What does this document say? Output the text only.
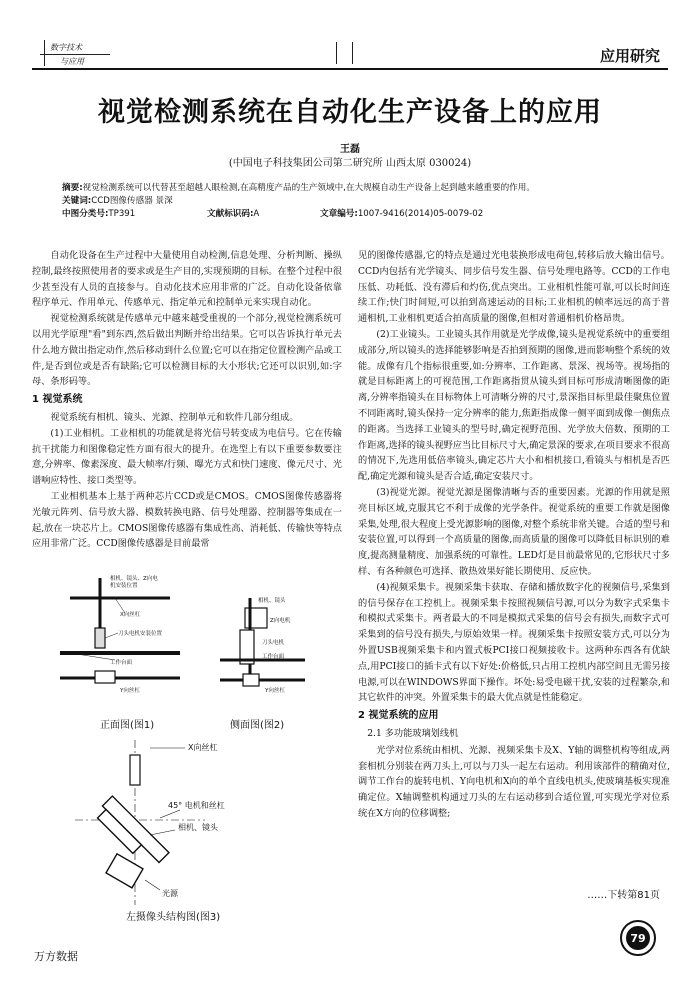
数字技术
与应用	应用研究
视觉检测系统在自动化生产设备上的应用
王磊
(中国电子科技集团公司第二研究所 山西太原 030024)
摘要:视觉检测系统可以代替甚至超越人眼检测,在高精度产品的生产领域中,在大规模自动生产设备上起到越来越重要的作用。
关键词:CCD图像传感器 景深
中图分类号:TP391	文献标识码:A	文章编号:1007-9416(2014)05-0079-02

自动化设备在生产过程中大量使用自动检测,信息处理、分析判断、操纵控制,最终按照使用者的要求或是生产目的,实现预期的目标。在整个过程中很少甚至没有人员的直接参与。自动化技术应用非常的广泛。自动化设备依靠程序单元、作用单元、传感单元、指定单元和控制单元来实现自动化。

视觉检测系统就是传感单元中越来越受重视的一个部分,视觉检测系统可以用光学原理"看"到东西,然后做出判断并给出结果。它可以告诉执行单元去什么地方做出指定动作,然后移动到什么位置;它可以在指定位置检测产品或工件,是否到位或是否有缺陷;它可以检测目标的大小形状;它还可以识别,如:字母、条形码等。

1 视觉系统

视觉系统有相机、镜头、光源、控制单元和软件几部分组成。

(1)工业相机。工业相机的功能就是将光信号转变成为电信号。它在传输抗干扰能力和图像稳定性方面有很大的提升。在选型上有以下重要参数要注意,分辨率、像素深度、最大帧率/行频、曝光方式和快门速度、像元尺寸、光谱响应特性、接口类型等。

工业相机基本上基于两种芯片CCD或是CMOS。CMOS图像传感器将光敏元阵列、信号放大器、模数转换电路、信号处理器、控制器等集成在一起,放在一块芯片上。CMOS图像传感器有集成性高、消耗低、传输快等特点应用非常广泛。CCD图像传感器是目前最常

相机、镜头、Z向电
机安装位置
X向丝杠
刀头电机安装位置
工作台面
Y向丝杠
相机、镜头
Z向电机
刀头电机
工作台面
Y向丝杠
正面图(图1)	侧面图(图2)
X向丝杠
45° 电机和丝杠
相机、镜头
光源
左摄像头结构图(图3)

见的图像传感器,它的特点是通过光电装换形成电荷包,转移后放大输出信号。CCD内包括有光学镜头、同步信号发生器、信号处理电路等。CCD的工作电压低、功耗低、没有滞后和灼伤,优点突出。工业相机性能可靠,可以长时间连续工作;快门时间短,可以拍到高速运动的目标;工业相机的帧率远远的高于普通相机,工业相机更适合拍高质量的图像,但相对普通相机价格昂贵。

(2)工业镜头。工业镜头其作用就是光学成像,镜头是视觉系统中的重要组成部分,所以镜头的选择能够影响是否拍到预期的图像,进而影响整个系统的效能。成像有几个指标很重要,如:分辨率、工作距离、景深、视场等。视场指的就是目标距离上的可视范围,工作距离指贯从镜头到目标可形成清晰图像的距离,分辨率指镜头在目标物体上可清晰分辨的尺寸,景深指目标里最佳聚焦位置不同距离时,镜头保持一定分辨率的能力,焦距指成像一侧平面到成像一侧焦点的距离。当选择工业镜头的型号时,确定视野范围、光学放大倍数、预期的工作距离,选择的镜头视野应当比目标尺寸大,确定景深的要求,在项目要求不很高的情况下,先选用低倍率镜头,确定芯片大小和相机接口,看镜头与相机是否匹配,确定光源和镜头是否合适,确定安装尺寸。

(3)视觉光源。视觉光源是图像清晰与否的重要因素。光源的作用就是照亮目标区域,克服其它不利于成像的光学条件。视觉系统的重要工作就是图像采集,处理,很大程度上受光源影响的图像,对整个系统非常关键。合适的型号和安装位置,可以得到一个高质量的图像,而高质量的图像可以降低目标识别的难度,提高测量精度、加强系统的可靠性。LED灯是目前最常见的,它形状尺寸多样、有各种颜色可选择、散热效果好能长期使用、反应快。

(4)视频采集卡。视频采集卡获取、存储和播放数字化的视频信号,采集到的信号保存在工控机上。视频采集卡按照视频信号源,可以分为数字式采集卡和模拟式采集卡。两者最大的不同是模拟式采集的信号会有损失,而数字式可采集到的信号没有损失,与原始效果一样。视频采集卡按照安装方式,可以分为外置USB视频采集卡和内置式板PCI接口视频接收卡。这两种东西各有优缺点,用PCI接口的插卡式有以下好处:价格低,只占用工控机内部空间且无需另接电源,可以在WINDOWS界面下操作。坏处:易受电磁干扰,安装的过程繁杂,和其它软件的冲突。外置采集卡的最大优点就是性能稳定。

2 视觉系统的应用
2.1 多功能玻璃划线机

光学对位系统由相机、光源、视频采集卡及X、Y轴的调整机构等组成,两套相机分别装在两刀头上,可以与刀头一起左右运动。利用该部件的精确对位,调节工作台的旋转电机、Y向电机和X向的单个直线电机头,使玻璃基板实现准确定位。X轴调整机构通过刀头的左右运动移到合适位置,可实现光学对位系统在X方向的位移调整;

……下转第81页
79
万方数据
